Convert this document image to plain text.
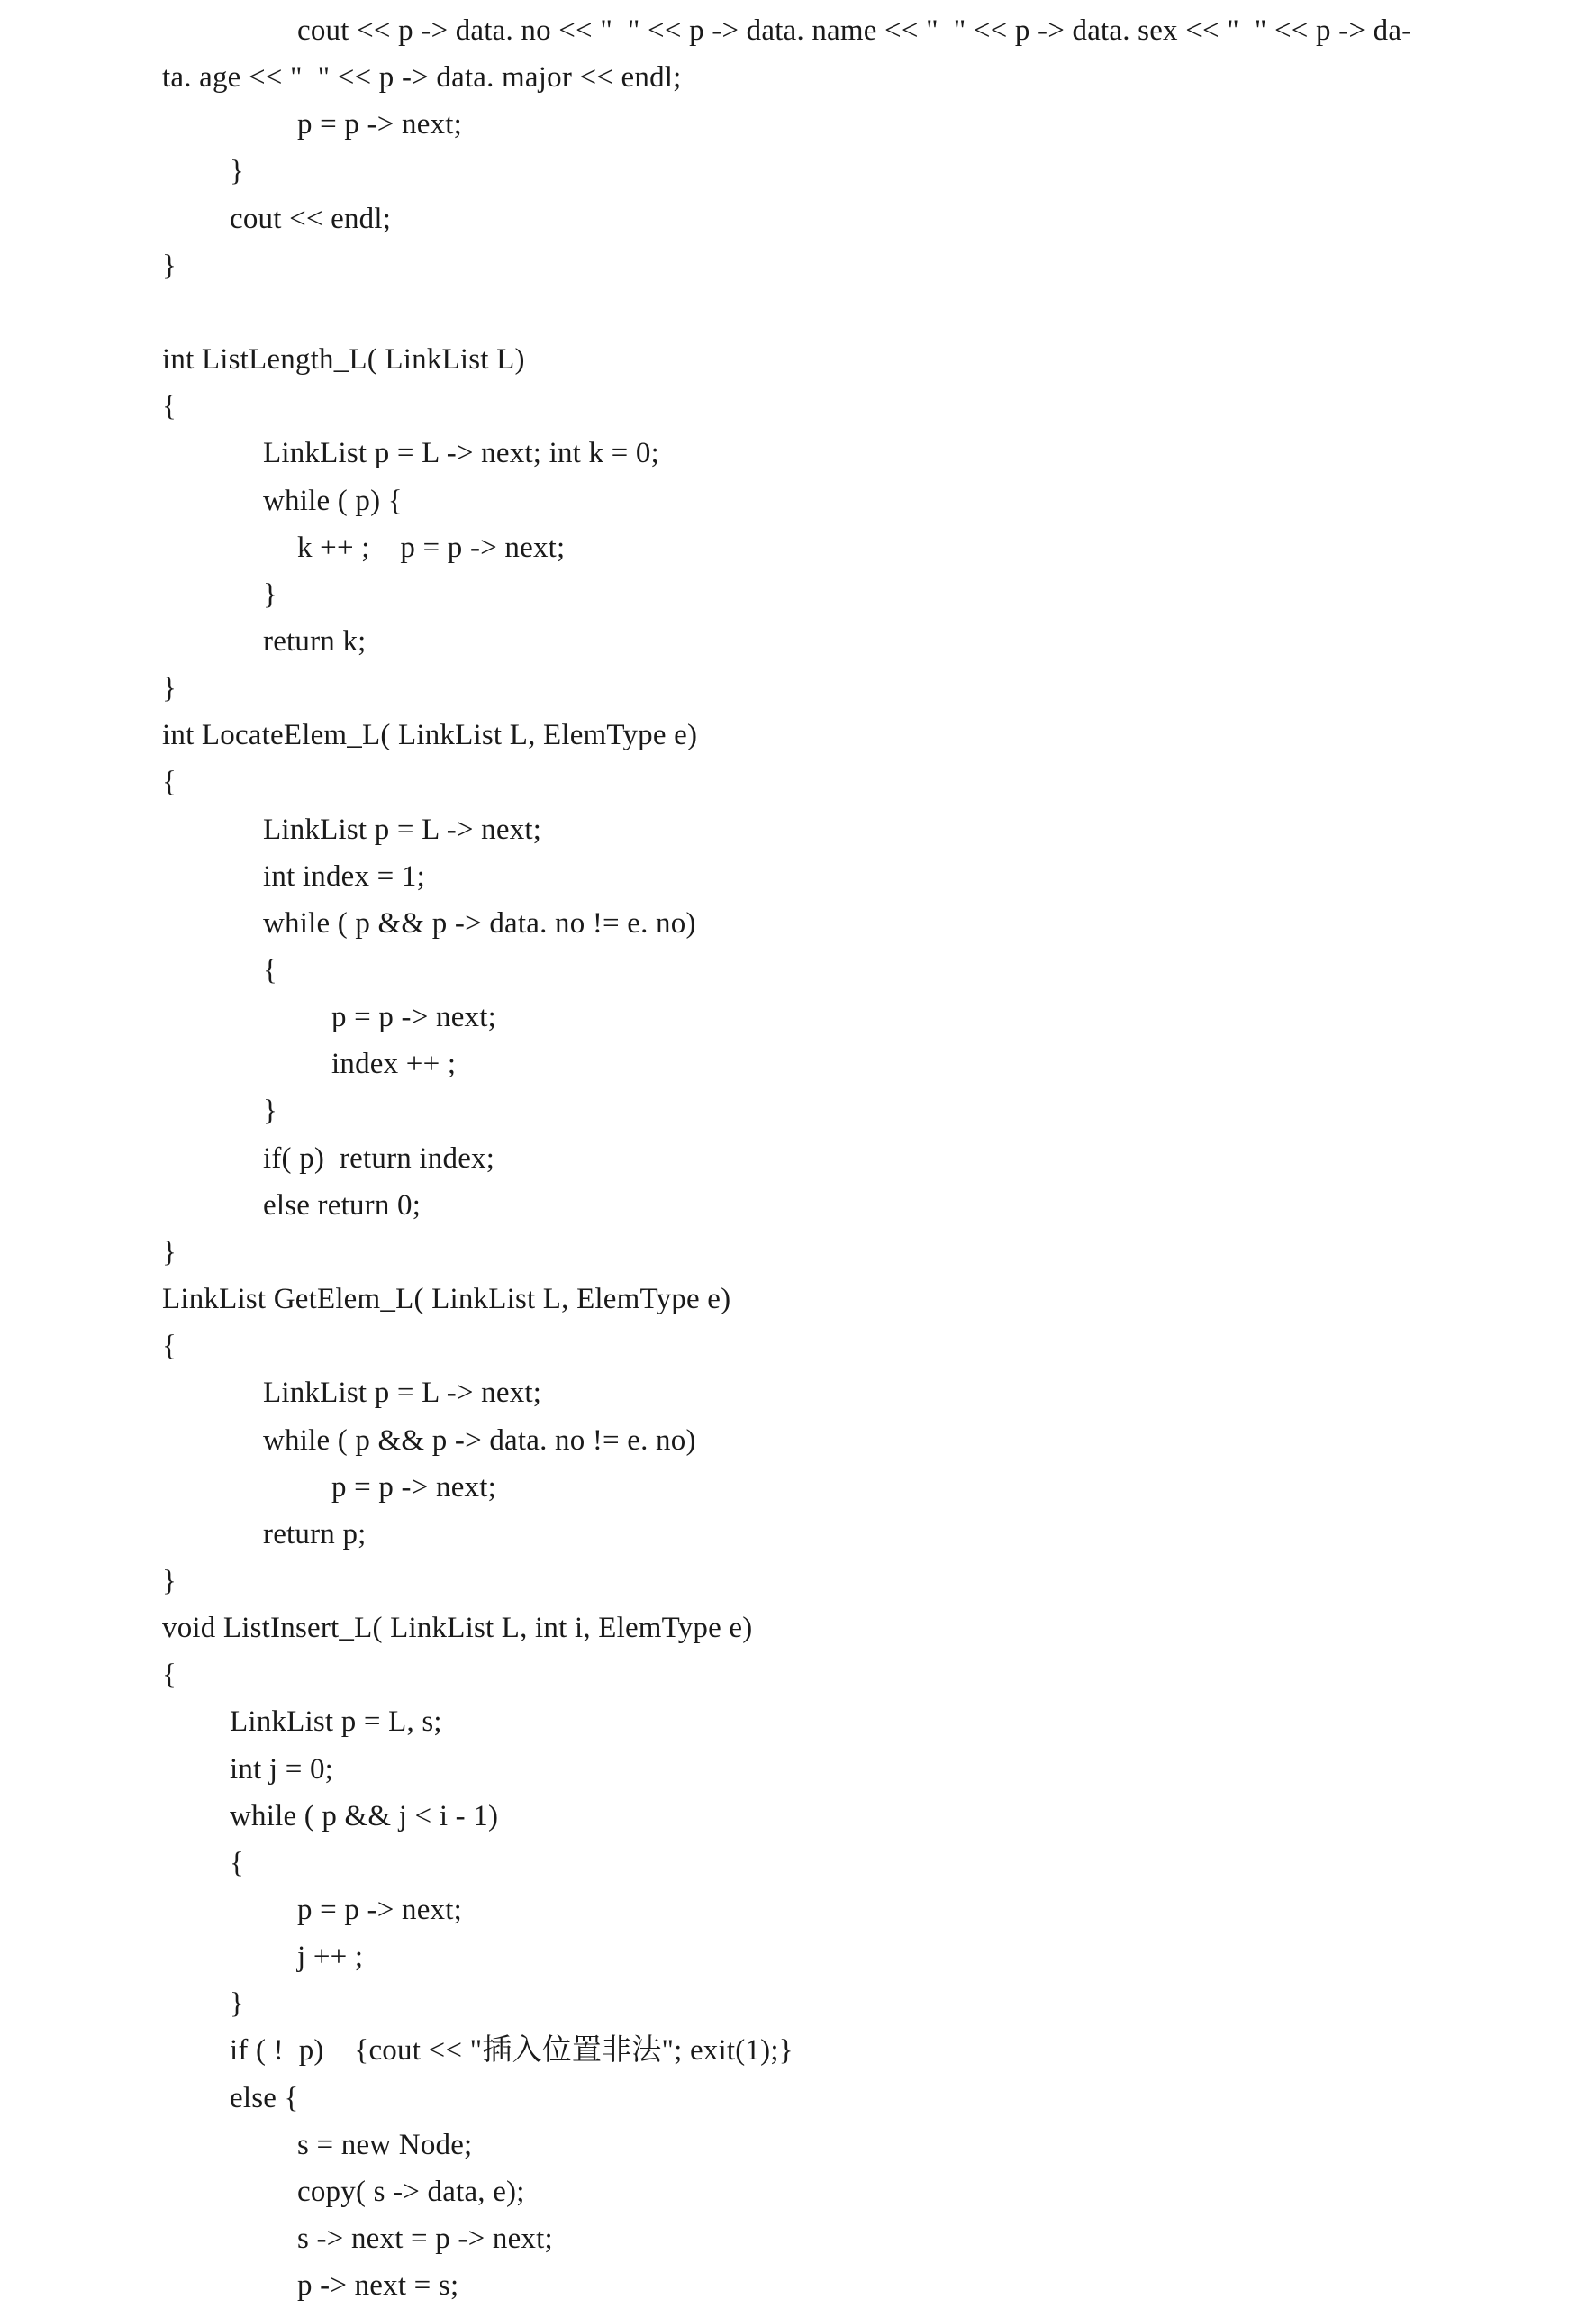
cout << p -> data. no << "  " << p -> data. name << "  " << p -> data. sex << "  " << p -> da-
ta. age << "  " << p -> data. major << endl;
p = p -> next;
}
cout << endl;
}
int ListLength_L( LinkList L)
{
LinkList p = L -> next; int k = 0;
while ( p) {
k ++ ;    p = p -> next;
}
return k;
}
int LocateElem_L( LinkList L, ElemType e)
{
LinkList p = L -> next;
int index = 1;
while ( p && p -> data. no != e. no)
{
p = p -> next;
index ++ ;
}
if( p)  return index;
else return 0;
}
LinkList GetElem_L( LinkList L, ElemType e)
{
LinkList p = L -> next;
while ( p && p -> data. no != e. no)
p = p -> next;
return p;
}
void ListInsert_L( LinkList L, int i, ElemType e)
{
LinkList p = L, s;
int j = 0;
while ( p && j < i - 1)
{
p = p -> next;
j ++ ;
}
if ( !  p)    {cout << "插入位置非法"; exit(1);}
else {
s = new Node;
copy( s -> data, e);
s -> next = p -> next;
p -> next = s;
